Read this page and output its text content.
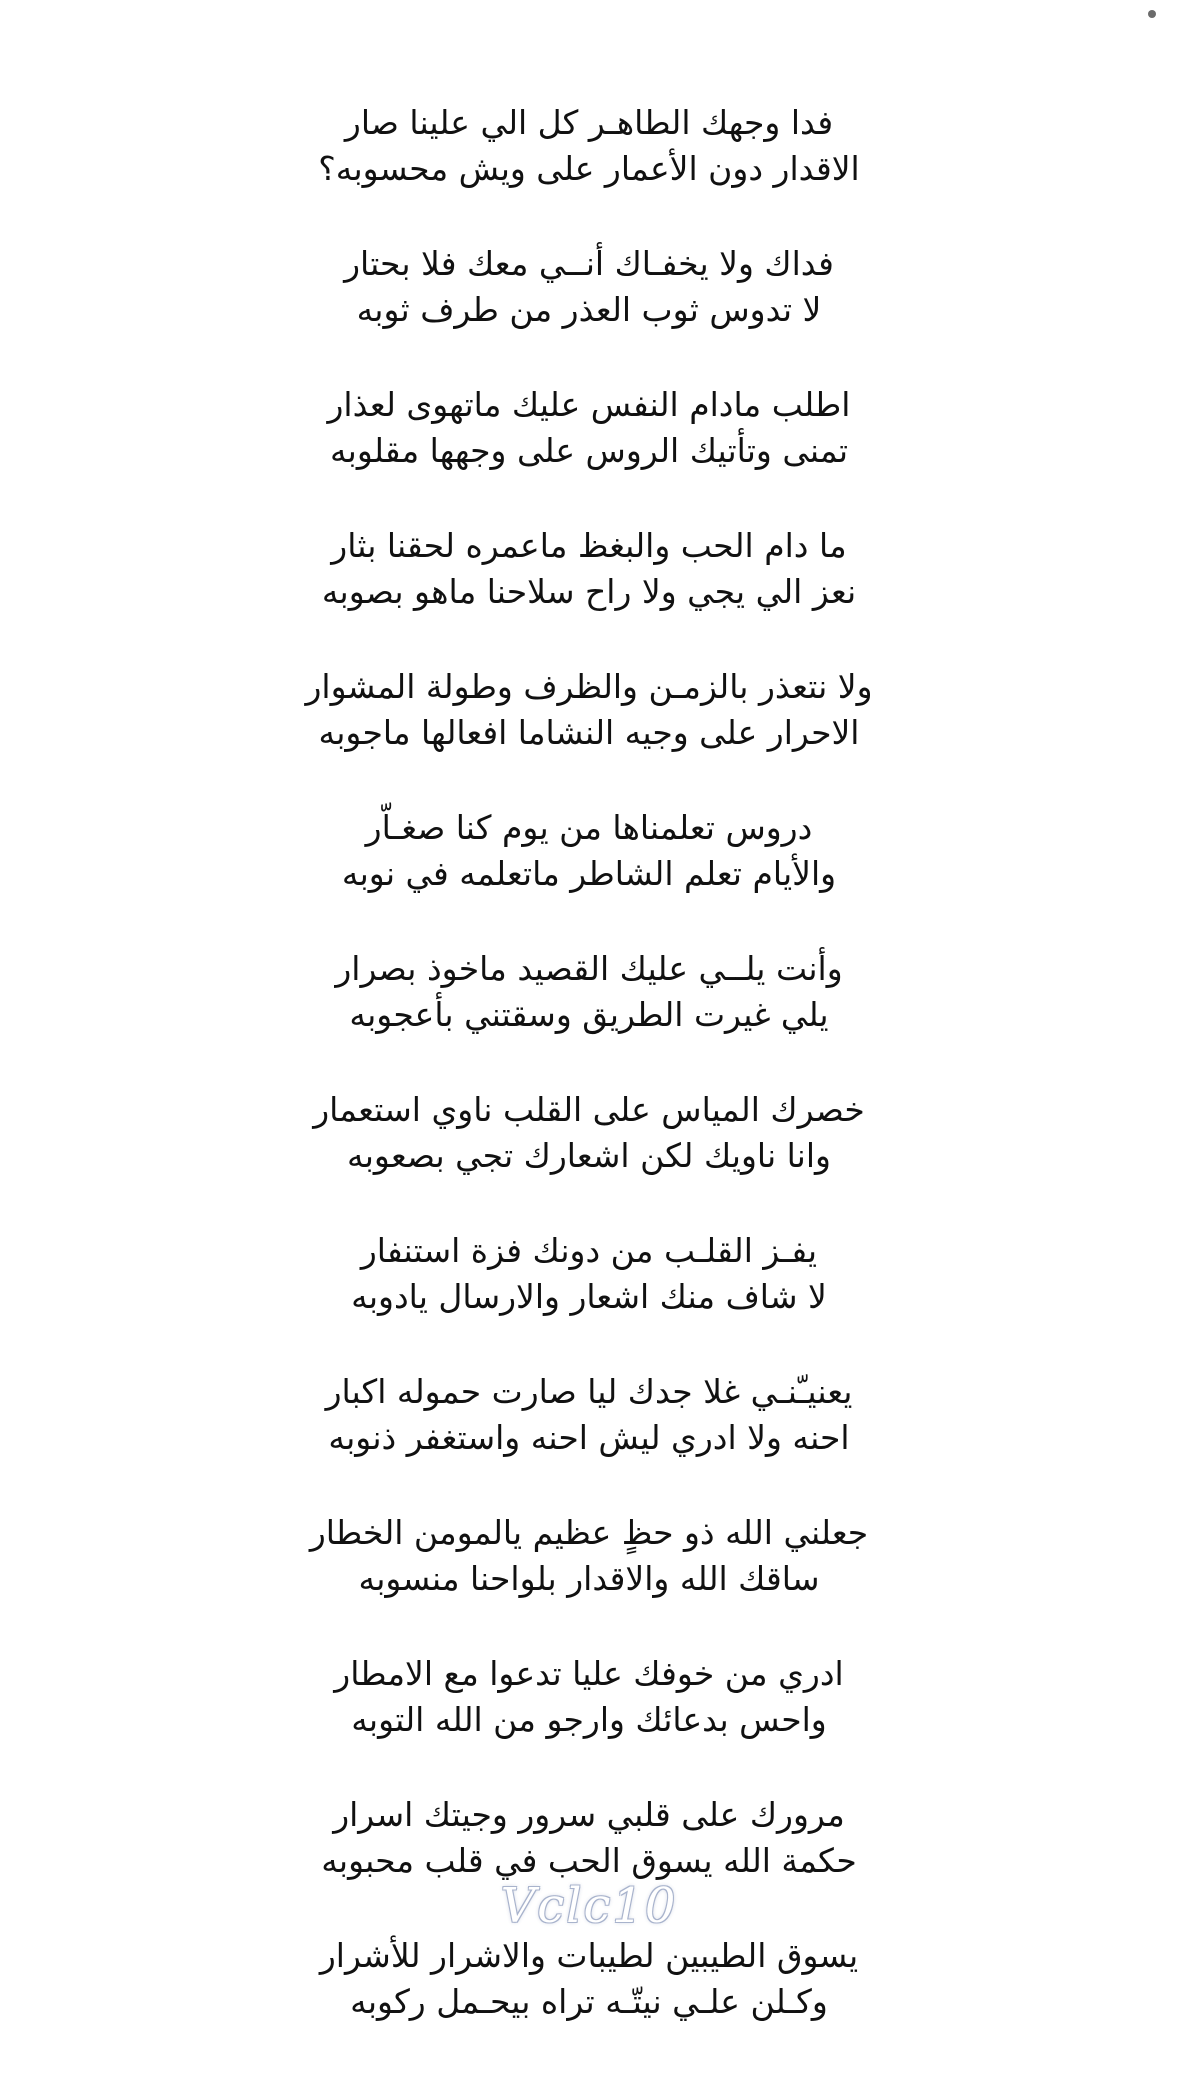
فدا وجهك الطاهـر كل الي علينا صار
الاقدار دون الأعمار على ويش محسوبه؟
فداك ولا يخفـاك أنــي معك فلا بحتار
لا تدوس ثوب العذر من طرف ثوبه
اطلب مادام النفس عليك ماتهوى لعذار
تمنى وتأتيك الروس على وجهها مقلوبه
ما دام الحب والبغظ ماعمره لحقنا بثار
نعز الي يجي ولا راح سلاحنا ماهو بصوبه
ولا نتعذر بالزمـن والظرف وطولة المشوار
الاحرار على وجيه النشاما افعالها ماجوبه
دروس تعلمناها من يوم كنا صغـاّر
والأيام تعلم الشاطر ماتعلمه في نوبه
وأنت يلــي عليك القصيد ماخوذ بصرار
يلي غيرت الطريق وسقتني بأعجوبه
خصرك المياس على القلب ناوي استعمار
وانا ناويك لكن اشعارك تجي بصعوبه
يفـز القلـب من دونك فزة استنفار
لا شاف منك اشعار والارسال يادوبه
يعنيـّنـي غلا جدك ليا صارت حموله اكبار
احنه ولا ادري ليش احنه واستغفر ذنوبه
جعلني الله ذو حظٍ عظيم يالمومن الخطار
ساقك الله والاقدار بلواحنا منسوبه
ادري من خوفك عليا تدعوا مع الامطار
واحس بدعائك وارجو من الله التوبه
مرورك على قلبي سرور وجيتك اسرار
حكمة الله يسوق الحب في قلب محبوبه
يسوق الطيبين لطيبات والاشرار للأشرار
وكـلن علـي نيتّـه تراه بيحـمل ركوبه
Vclc10
